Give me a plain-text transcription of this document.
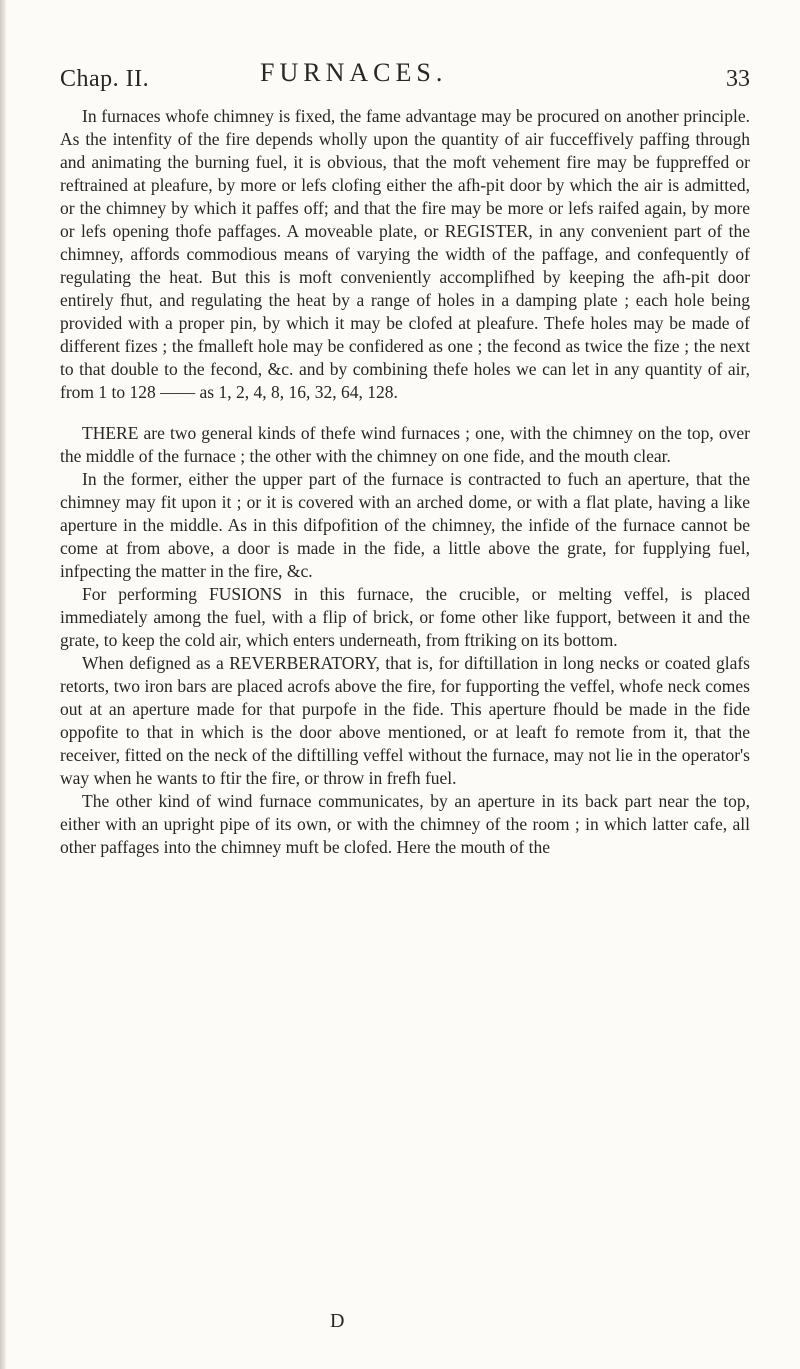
Chap. II.	FURNACES.	33

In furnaces whofe chimney is fixed, the fame advantage may be procured on another principle. As the intenfity of the fire depends wholly upon the quantity of air fucceffively paffing through and animating the burning fuel, it is obvious, that the moft vehement fire may be fuppreffed or reftrained at pleafure, by more or lefs clofing either the afh-pit door by which the air is admitted, or the chimney by which it paffes off; and that the fire may be more or lefs raifed again, by more or lefs opening thofe paffages. A moveable plate, or REGISTER, in any convenient part of the chimney, affords commodious means of varying the width of the paffage, and confequently of regulating the heat. But this is moft conveniently accomplifhed by keeping the afh-pit door entirely fhut, and regulating the heat by a range of holes in a damping plate ; each hole being provided with a proper pin, by which it may be clofed at pleafure. Thefe holes may be made of different fizes ; the fmalleft hole may be confidered as one ; the fecond as twice the fize ; the next to that double to the fecond, &c. and by combining thefe holes we can let in any quantity of air, from 1 to 128 —— as 1, 2, 4, 8, 16, 32, 64, 128.

THERE are two general kinds of thefe wind furnaces ; one, with the chimney on the top, over the middle of the furnace ; the other with the chimney on one fide, and the mouth clear.

In the former, either the upper part of the furnace is contracted to fuch an aperture, that the chimney may fit upon it ; or it is covered with an arched dome, or with a flat plate, having a like aperture in the middle. As in this difpofition of the chimney, the infide of the furnace cannot be come at from above, a door is made in the fide, a little above the grate, for fupplying fuel, infpecting the matter in the fire, &c.

For performing FUSIONS in this furnace, the crucible, or melting veffel, is placed immediately among the fuel, with a flip of brick, or fome other like fupport, between it and the grate, to keep the cold air, which enters underneath, from ftriking on its bottom.

When defigned as a REVERBERATORY, that is, for diftillation in long necks or coated glafs retorts, two iron bars are placed acrofs above the fire, for fupporting the veffel, whofe neck comes out at an aperture made for that purpofe in the fide. This aperture fhould be made in the fide oppofite to that in which is the door above mentioned, or at leaft fo remote from it, that the receiver, fitted on the neck of the diftilling veffel without the furnace, may not lie in the operator's way when he wants to ftir the fire, or throw in frefh fuel.

The other kind of wind furnace communicates, by an aperture in its back part near the top, either with an upright pipe of its own, or with the chimney of the room ; in which latter cafe, all other paffages into the chimney muft be clofed. Here the mouth of the

D
